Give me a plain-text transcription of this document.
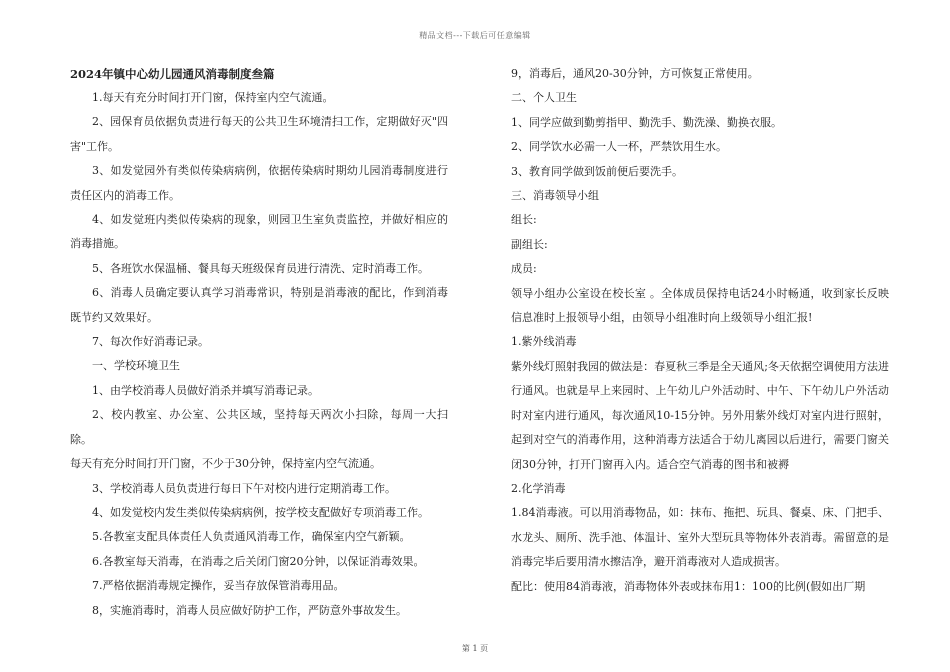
精品文档---下载后可任意编辑
2024年镇中心幼儿园通风消毒制度叁篇

1.每天有充分时间打开门窗，保持室内空气流通。

2、园保育员依据负责进行每天的公共卫生环境清扫工作，定期做好灭"四害"工作。

3、如发觉园外有类似传染病病例，依据传染病时期幼儿园消毒制度进行责任区内的消毒工作。

4、如发觉班内类似传染病的现象，则园卫生室负责监控，并做好相应的消毒措施。

5、各班饮水保温桶、餐具每天班级保育员进行清洗、定时消毒工作。

6、消毒人员确定要认真学习消毒常识，特别是消毒液的配比，作到消毒既节约又效果好。

7、每次作好消毒记录。

一、学校环境卫生

1、由学校消毒人员做好消杀并填写消毒记录。

2、校内教室、办公室、公共区域，坚持每天两次小扫除，每周一大扫除。

每天有充分时间打开门窗，不少于30分钟，保持室内空气流通。

3、学校消毒人员负责进行每日下午对校内进行定期消毒工作。

4、如发觉校内发生类似传染病病例，按学校支配做好专项消毒工作。

5.各教室支配具体责任人负责通风消毒工作，确保室内空气新颖。

6.各教室每天消毒，在消毒之后关闭门窗20分钟，以保证消毒效果。

7.严格依据消毒规定操作，妥当存放保管消毒用品。

8，实施消毒时，消毒人员应做好防护工作，严防意外事故发生。

9，消毒后，通风20-30分钟，方可恢复正常使用。

二、个人卫生

1、同学应做到勤剪指甲、勤洗手、勤洗澡、勤换衣服。

2、同学饮水必需一人一杯，严禁饮用生水。

3、教育同学做到饭前便后要洗手。

三、消毒领导小组

组长:

副组长:

成员:

领导小组办公室设在校长室 。全体成员保持电话24小时畅通，收到家长反映信息准时上报领导小组，由领导小组准时向上级领导小组汇报!

1.紫外线消毒

紫外线灯照射我园的做法是：春夏秋三季是全天通风;冬天依据空调使用方法进行通风。也就是早上来园时、上午幼儿户外活动时、中午、下午幼儿户外活动时对室内进行通风，每次通风10-15分钟。另外用紫外线灯对室内进行照射，起到对空气的消毒作用，这种消毒方法适合于幼儿离园以后进行，需要门窗关闭30分钟，打开门窗再入内。适合空气消毒的图书和被褥

2.化学消毒

1.84消毒液。可以用消毒物品，如：抹布、拖把、玩具、餐桌、床、门把手、水龙头、厕所、洗手池、体温计、室外大型玩具等物体外表消毒。需留意的是消毒完毕后要用清水擦洁净，避开消毒液对人造成损害。

配比：使用84消毒液，消毒物体外表或抹布用1：100的比例(假如出厂期

第 1 页
